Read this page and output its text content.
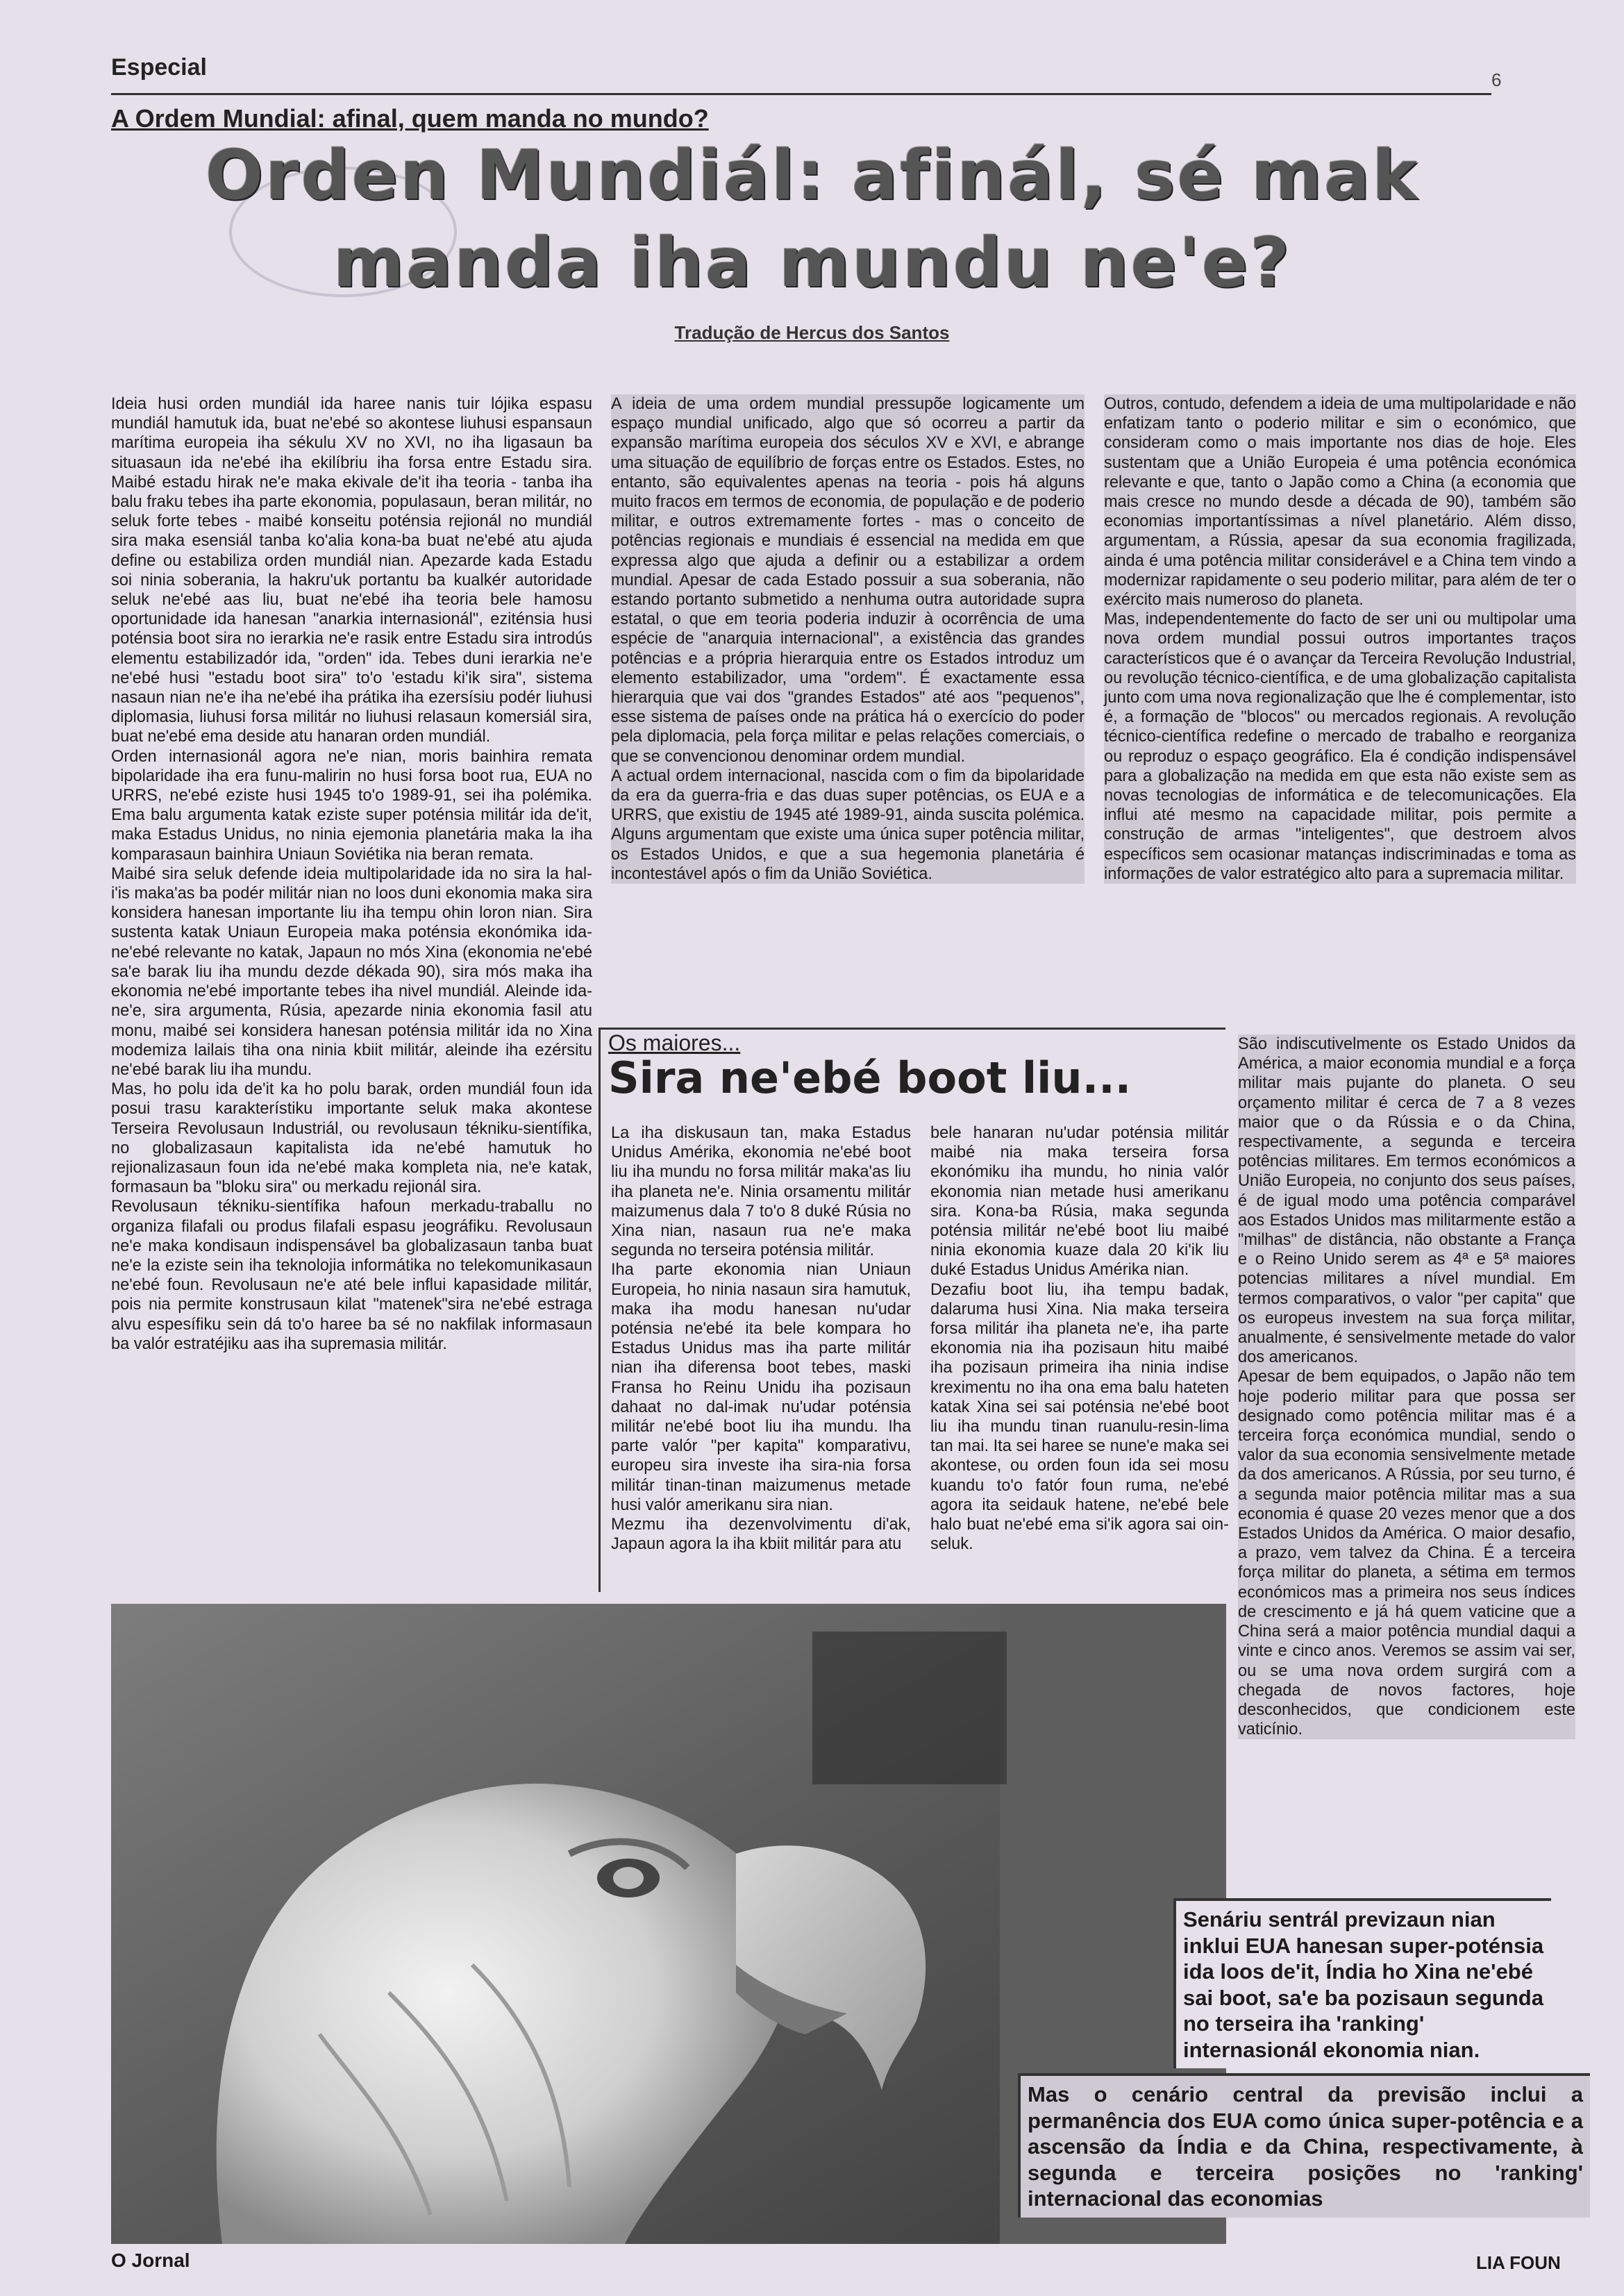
Especial	6
A Ordem Mundial: afinal, quem manda no mundo?
Orden Mundiál: afinál, sé mak
manda iha mundu ne'e?
Tradução de Hercus dos Santos

Ideia husi orden mundiál ida haree nanis tuir lójika espasu mundiál hamutuk ida, buat ne'ebé so akontese liuhusi espansaun marítima europeia iha sékulu XV no XVI, no iha ligasaun ba situasaun ida ne'ebé iha ekilíbriu iha forsa entre Estadu sira. Maibé estadu hirak ne'e maka ekivale de'it iha teoria - tanba iha balu fraku tebes iha parte ekonomia, populasaun, beran militár, no seluk forte tebes - maibé konseitu poténsia rejionál no mundiál sira maka esensiál tanba ko'alia kona-ba buat ne'ebé atu ajuda define ou estabiliza orden mundiál nian. Apezarde kada Estadu soi ninia soberania, la hakru'uk portantu ba kualkér autoridade seluk ne'ebé aas liu, buat ne'ebé iha teoria bele hamosu oportunidade ida hanesan "anarkia internasionál", eziténsia husi poténsia boot sira no ierarkia ne'e rasik entre Estadu sira introdús elementu estabilizadór ida, "orden" ida. Tebes duni ierarkia ne'e ne'ebé husi "estadu boot sira" to'o 'estadu ki'ik sira", sistema nasaun nian ne'e iha ne'ebé iha prátika iha ezersísiu podér liuhusi diplomasia, liuhusi forsa militár no liuhusi relasaun komersiál sira, buat ne'ebé ema deside atu hanaran orden mundiál.

Orden internasionál agora ne'e nian, moris bainhira remata bipolaridade iha era funu-malirin no husi forsa boot rua, EUA no URRS, ne'ebé eziste husi 1945 to'o 1989-91, sei iha polémika. Ema balu argumenta katak eziste super poténsia militár ida de'it, maka Estadus Unidus, no ninia ejemonia planetária maka la iha komparasaun bainhira Uniaun Soviétika nia beran remata.

Maibé sira seluk defende ideia multipolaridade ida no sira la hal-i'is maka'as ba podér militár nian no loos duni ekonomia maka sira konsidera hanesan importante liu iha tempu ohin loron nian. Sira sustenta katak Uniaun Europeia maka poténsia ekonómika ida-ne'ebé relevante no katak, Japaun no mós Xina (ekonomia ne'ebé sa'e barak liu iha mundu dezde dékada 90), sira mós maka iha ekonomia ne'ebé importante tebes iha nivel mundiál. Aleinde ida-ne'e, sira argumenta, Rúsia, apezarde ninia ekonomia fasil atu monu, maibé sei konsidera hanesan poténsia militár ida no Xina modemiza lailais tiha ona ninia kbiit militár, aleinde iha ezérsitu ne'ebé barak liu iha mundu.

Mas, ho polu ida de'it ka ho polu barak, orden mundiál foun ida posui trasu karakterístiku importante seluk maka akontese Terseira Revolusaun Industriál, ou revolusaun tékniku-sientífika, no globalizasaun kapitalista ida ne'ebé hamutuk ho rejionalizasaun foun ida ne'ebé maka kompleta nia, ne'e katak, formasaun ba "bloku sira" ou merkadu rejionál sira.

Revolusaun tékniku-sientífika hafoun merkadu-traballu no organiza filafali ou produs filafali espasu jeográfiku. Revolusaun ne'e maka kondisaun indispensável ba globalizasaun tanba buat ne'e la eziste sein iha teknolojia informátika no telekomunikasaun ne'ebé foun. Revolusaun ne'e até bele influi kapasidade militár, pois nia permite konstrusaun kilat "matenek"sira ne'ebé estraga alvu espesífiku sein dá to'o haree ba sé no nakfilak informasaun ba valór estratéjiku aas iha supremasia militár.

A ideia de uma ordem mundial pressupõe logicamente um espaço mundial unificado, algo que só ocorreu a partir da expansão marítima europeia dos séculos XV e XVI, e abrange uma situação de equilíbrio de forças entre os Estados. Estes, no entanto, são equivalentes apenas na teoria - pois há alguns muito fracos em termos de economia, de população e de poderio militar, e outros extremamente fortes - mas o conceito de potências regionais e mundiais é essencial na medida em que expressa algo que ajuda a definir ou a estabilizar a ordem mundial. Apesar de cada Estado possuir a sua soberania, não estando portanto submetido a nenhuma outra autoridade supra estatal, o que em teoria poderia induzir à ocorrência de uma espécie de "anarquia internacional", a existência das grandes potências e a própria hierarquia entre os Estados introduz um elemento estabilizador, uma "ordem". É exactamente essa hierarquia que vai dos "grandes Estados" até aos "pequenos", esse sistema de países onde na prática há o exercício do poder pela diplomacia, pela força militar e pelas relações comerciais, o que se convencionou denominar ordem mundial.

A actual ordem internacional, nascida com o fim da bipolaridade da era da guerra-fria e das duas super potências, os EUA e a URRS, que existiu de 1945 até 1989-91, ainda suscita polémica. Alguns argumentam que existe uma única super potência militar, os Estados Unidos, e que a sua hegemonia planetária é incontestável após o fim da União Soviética.

Outros, contudo, defendem a ideia de uma multipolaridade e não enfatizam tanto o poderio militar e sim o económico, que consideram como o mais importante nos dias de hoje. Eles sustentam que a União Europeia é uma potência económica relevante e que, tanto o Japão como a China (a economia que mais cresce no mundo desde a década de 90), também são economias importantíssimas a nível planetário. Além disso, argumentam, a Rússia, apesar da sua economia fragilizada, ainda é uma potência militar considerável e a China tem vindo a modernizar rapidamente o seu poderio militar, para além de ter o exército mais numeroso do planeta.

Mas, independentemente do facto de ser uni ou multipolar uma nova ordem mundial possui outros importantes traços característicos que é o avançar da Terceira Revolução Industrial, ou revolução técnico-científica, e de uma globalização capitalista junto com uma nova regionalização que lhe é complementar, isto é, a formação de "blocos" ou mercados regionais. A revolução técnico-científica redefine o mercado de trabalho e reorganiza ou reproduz o espaço geográfico. Ela é condição indispensável para a globalização na medida em que esta não existe sem as novas tecnologias de informática e de telecomunicações. Ela influi até mesmo na capacidade militar, pois permite a construção de armas "inteligentes", que destroem alvos específicos sem ocasionar matanças indiscriminadas e toma as informações de valor estratégico alto para a supremacia militar.

Os maiores...
Sira ne'ebé boot liu...

La iha diskusaun tan, maka Estadus Unidus Amérika, ekonomia ne'ebé boot liu iha mundu no forsa militár maka'as liu iha planeta ne'e. Ninia orsamentu militár maizumenus dala 7 to'o 8 duké Rúsia no Xina nian, nasaun rua ne'e maka segunda no terseira poténsia militár.

Iha parte ekonomia nian Uniaun Europeia, ho ninia nasaun sira hamutuk, maka iha modu hanesan nu'udar poténsia ne'ebé ita bele kompara ho Estadus Unidus mas iha parte militár nian iha diferensa boot tebes, maski Fransa ho Reinu Unidu iha pozisaun dahaat no dal-imak nu'udar poténsia militár ne'ebé boot liu iha mundu. Iha parte valór "per kapita" komparativu, europeu sira investe iha sira-nia forsa militár tinan-tinan maizumenus metade husi valór amerikanu sira nian.

Mezmu iha dezenvolvimentu di'ak, Japaun agora la iha kbiit militár para atu

bele hanaran nu'udar poténsia militár maibé nia maka terseira forsa ekonómiku iha mundu, ho ninia valór ekonomia nian metade husi amerikanu sira. Kona-ba Rúsia, maka segunda poténsia militár ne'ebé boot liu maibé ninia ekonomia kuaze dala 20 ki'ik liu duké Estadus Unidus Amérika nian.

Dezafiu boot liu, iha tempu badak, dalaruma husi Xina. Nia maka terseira forsa militár iha planeta ne'e, iha parte ekonomia nia iha pozisaun hitu maibé iha pozisaun primeira iha ninia indise kreximentu no iha ona ema balu hateten katak Xina sei sai poténsia ne'ebé boot liu iha mundu tinan ruanulu-resin-lima tan mai. Ita sei haree se nune'e maka sei akontese, ou orden foun ida sei mosu kuandu to'o fatór foun ruma, ne'ebé agora ita seidauk hatene, ne'ebé bele halo buat ne'ebé ema si'ik agora sai oin-seluk.

São indiscutivelmente os Estado Unidos da América, a maior economia mundial e a força militar mais pujante do planeta. O seu orçamento militar é cerca de 7 a 8 vezes maior que o da Rússia e o da China, respectivamente, a segunda e terceira potências militares. Em termos económicos a União Europeia, no conjunto dos seus países, é de igual modo uma potência comparável aos Estados Unidos mas militarmente estão a "milhas" de distância, não obstante a França e o Reino Unido serem as 4ª e 5ª maiores potencias militares a nível mundial. Em termos comparativos, o valor "per capita" que os europeus investem na sua força militar, anualmente, é sensivelmente metade do valor dos americanos.

Apesar de bem equipados, o Japão não tem hoje poderio militar para que possa ser designado como potência militar mas é a terceira força económica mundial, sendo o valor da sua economia sensivelmente metade da dos americanos. A Rússia, por seu turno, é a segunda maior potência militar mas a sua economia é quase 20 vezes menor que a dos Estados Unidos da América. O maior desafio, a prazo, vem talvez da China. É a terceira força militar do planeta, a sétima em termos económicos mas a primeira nos seus índices de crescimento e já há quem vaticine que a China será a maior potência mundial daqui a vinte e cinco anos. Veremos se assim vai ser, ou se uma nova ordem surgirá com a chegada de novos factores, hoje desconhecidos, que condicionem este vaticínio.

Senáriu sentrál previzaun nian inklui EUA hanesan super-poténsia ida loos de'it, Índia ho Xina ne'ebé sai boot, sa'e ba pozisaun segunda no terseira iha 'ranking' internasionál ekonomia nian.
Mas o cenário central da previsão inclui a permanência dos EUA como única super-potência e a ascensão da Índia e da China, respectivamente, à segunda e terceira posições no 'ranking' internacional das economias
O Jornal	LIA FOUN
